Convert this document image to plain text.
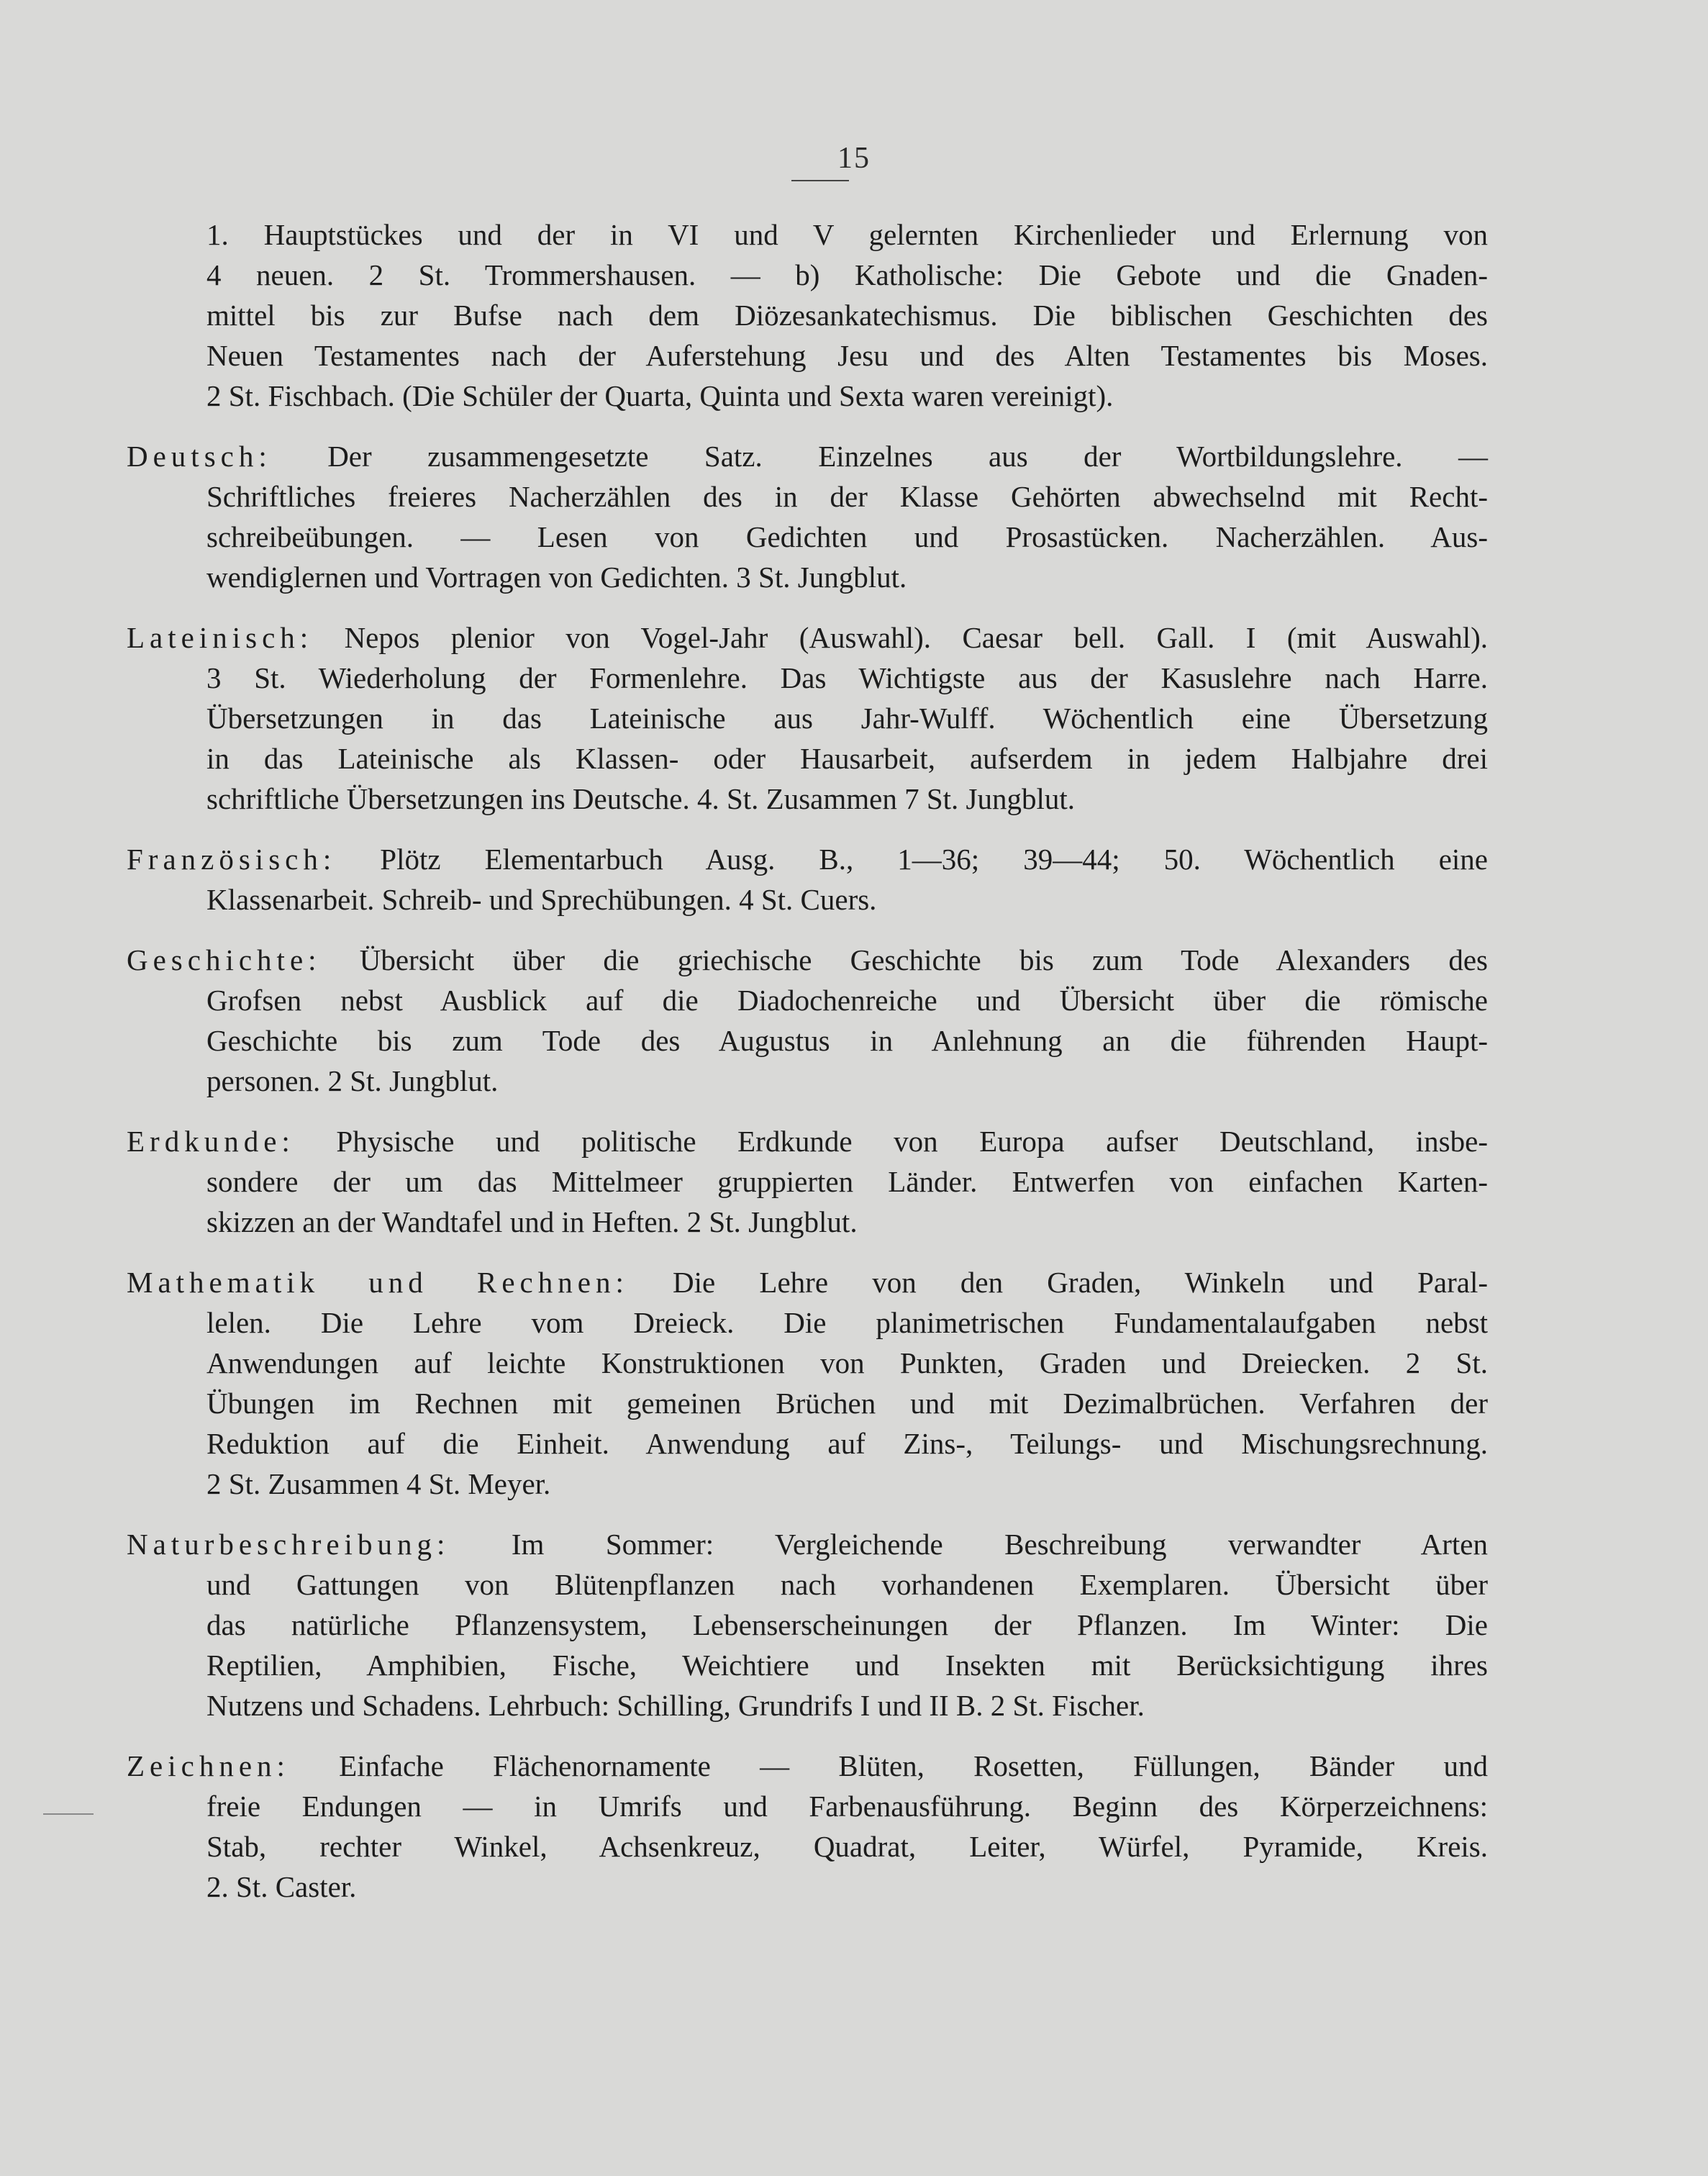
15
1. Hauptstückes und der in VI und V gelernten Kirchenlieder und Erlernung von
4 neuen. 2 St. Trommershausen. — b) Katholische: Die Gebote und die Gnaden-
mittel bis zur Bufse nach dem Diözesankatechismus. Die biblischen Geschichten des
Neuen Testamentes nach der Auferstehung Jesu und des Alten Testamentes bis Moses.
2 St. Fischbach. (Die Schüler der Quarta, Quinta und Sexta waren vereinigt).
Deutsch: Der zusammengesetzte Satz. Einzelnes aus der Wortbildungslehre. —
Schriftliches freieres Nacherzählen des in der Klasse Gehörten abwechselnd mit Recht-
schreibeübungen. — Lesen von Gedichten und Prosastücken. Nacherzählen. Aus-
wendiglernen und Vortragen von Gedichten. 3 St. Jungblut.
Lateinisch: Nepos plenior von Vogel-Jahr (Auswahl). Caesar bell. Gall. I (mit Auswahl).
3 St. Wiederholung der Formenlehre. Das Wichtigste aus der Kasuslehre nach Harre.
Übersetzungen in das Lateinische aus Jahr-Wulff. Wöchentlich eine Übersetzung
in das Lateinische als Klassen- oder Hausarbeit, aufserdem in jedem Halbjahre drei
schriftliche Übersetzungen ins Deutsche. 4. St. Zusammen 7 St. Jungblut.
Französisch: Plötz Elementarbuch Ausg. B., 1—36; 39—44; 50. Wöchentlich eine
Klassenarbeit. Schreib- und Sprechübungen. 4 St. Cuers.
Geschichte: Übersicht über die griechische Geschichte bis zum Tode Alexanders des
Grofsen nebst Ausblick auf die Diadochenreiche und Übersicht über die römische
Geschichte bis zum Tode des Augustus in Anlehnung an die führenden Haupt-
personen. 2 St. Jungblut.
Erdkunde: Physische und politische Erdkunde von Europa aufser Deutschland, insbe-
sondere der um das Mittelmeer gruppierten Länder. Entwerfen von einfachen Karten-
skizzen an der Wandtafel und in Heften. 2 St. Jungblut.
Mathematik und Rechnen: Die Lehre von den Graden, Winkeln und Paral-
lelen. Die Lehre vom Dreieck. Die planimetrischen Fundamentalaufgaben nebst
Anwendungen auf leichte Konstruktionen von Punkten, Graden und Dreiecken. 2 St.
Übungen im Rechnen mit gemeinen Brüchen und mit Dezimalbrüchen. Verfahren der
Reduktion auf die Einheit. Anwendung auf Zins-, Teilungs- und Mischungsrechnung.
2 St. Zusammen 4 St. Meyer.
Naturbeschreibung: Im Sommer: Vergleichende Beschreibung verwandter Arten
und Gattungen von Blütenpflanzen nach vorhandenen Exemplaren. Übersicht über
das natürliche Pflanzensystem, Lebenserscheinungen der Pflanzen. Im Winter: Die
Reptilien, Amphibien, Fische, Weichtiere und Insekten mit Berücksichtigung ihres
Nutzens und Schadens. Lehrbuch: Schilling, Grundrifs I und II B. 2 St. Fischer.
Zeichnen: Einfache Flächenornamente — Blüten, Rosetten, Füllungen, Bänder und
freie Endungen — in Umrifs und Farbenausführung. Beginn des Körperzeichnens:
Stab, rechter Winkel, Achsenkreuz, Quadrat, Leiter, Würfel, Pyramide, Kreis.
2. St. Caster.
